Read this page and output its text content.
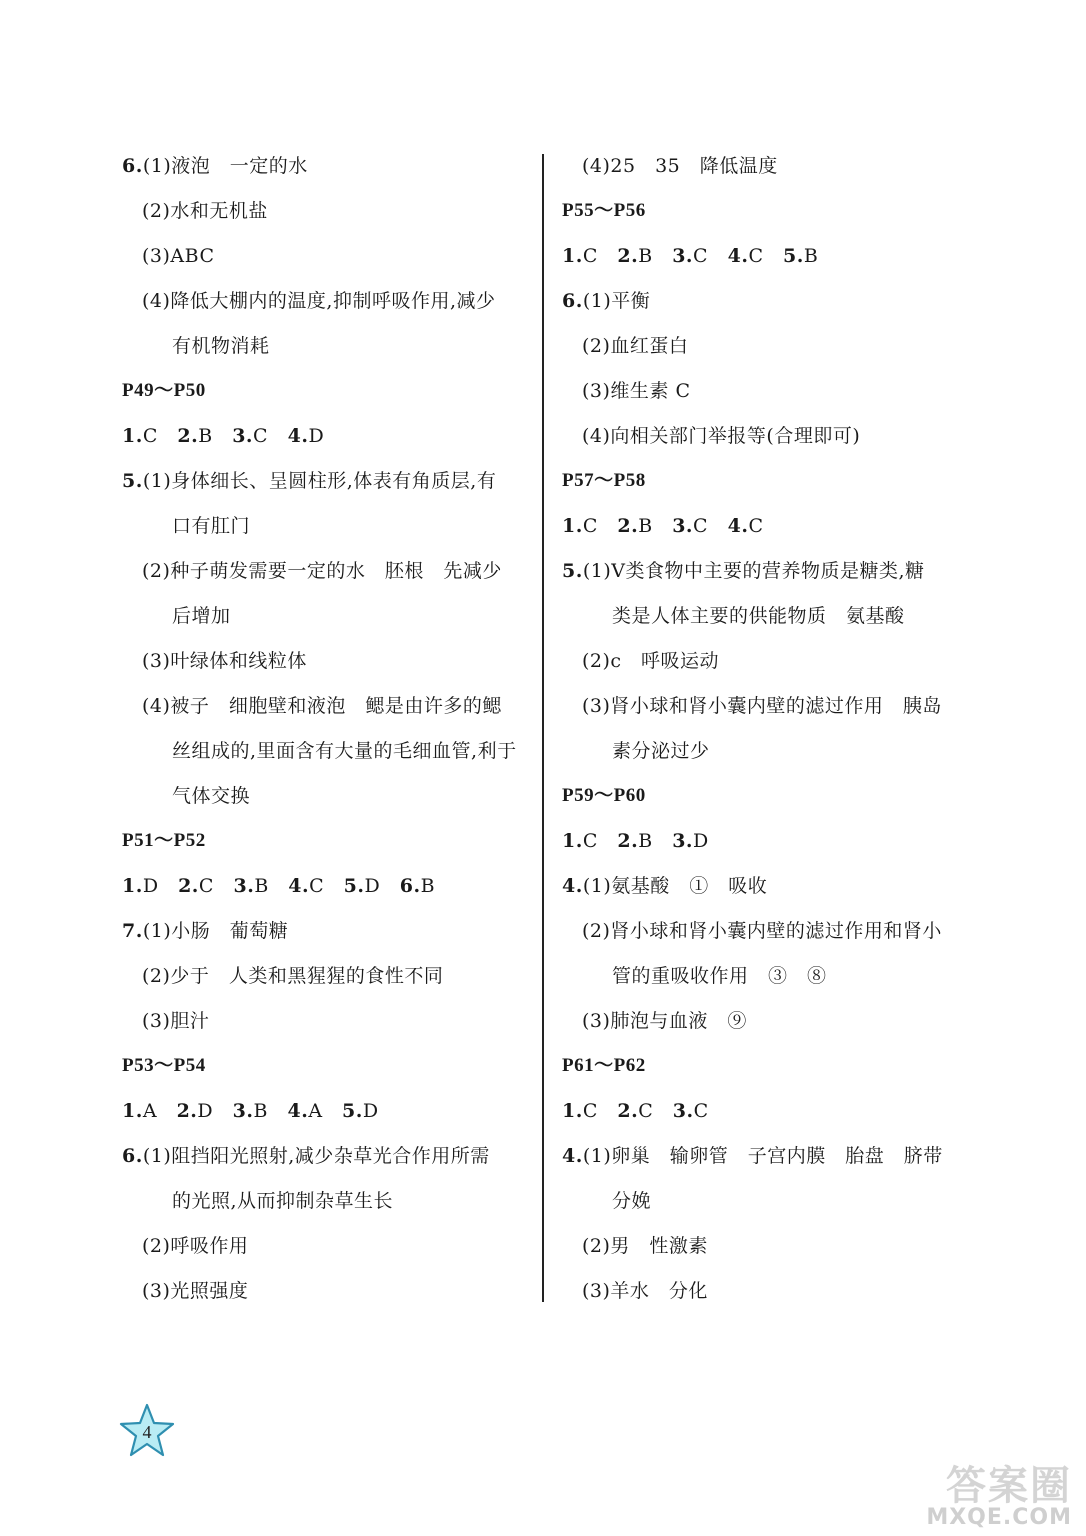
6.(1)液泡　一定的水
(2)水和无机盐
(3)ABC
(4)降低大棚内的温度,抑制呼吸作用,减少
有机物消耗
P49～P50
1.C　2.B　3.C　4.D
5.(1)身体细长、呈圆柱形,体表有角质层,有
口有肛门
(2)种子萌发需要一定的水　胚根　先减少
后增加
(3)叶绿体和线粒体
(4)被子　细胞壁和液泡　鳃是由许多的鳃
丝组成的,里面含有大量的毛细血管,利于
气体交换
P51～P52
1.D　2.C　3.B　4.C　5.D　6.B
7.(1)小肠　葡萄糖
(2)少于　人类和黑猩猩的食性不同
(3)胆汁
P53～P54
1.A　2.D　3.B　4.A　5.D
6.(1)阻挡阳光照射,减少杂草光合作用所需
的光照,从而抑制杂草生长
(2)呼吸作用
(3)光照强度
(4)25　35　降低温度
P55～P56
1.C　2.B　3.C　4.C　5.B
6.(1)平衡
(2)血红蛋白
(3)维生素 C
(4)向相关部门举报等(合理即可)
P57～P58
1.C　2.B　3.C　4.C
5.(1)Ⅴ类食物中主要的营养物质是糖类,糖
类是人体主要的供能物质　氨基酸
(2)c　呼吸运动
(3)肾小球和肾小囊内壁的滤过作用　胰岛
素分泌过少
P59～P60
1.C　2.B　3.D
4.(1)氨基酸　①　吸收
(2)肾小球和肾小囊内壁的滤过作用和肾小
管的重吸收作用　③　⑧
(3)肺泡与血液　⑨
P61～P62
1.C　2.C　3.C
4.(1)卵巢　输卵管　子宫内膜　胎盘　脐带
分娩
(2)男　性激素
(3)羊水　分化
4
答案圈
MXQE.COM
